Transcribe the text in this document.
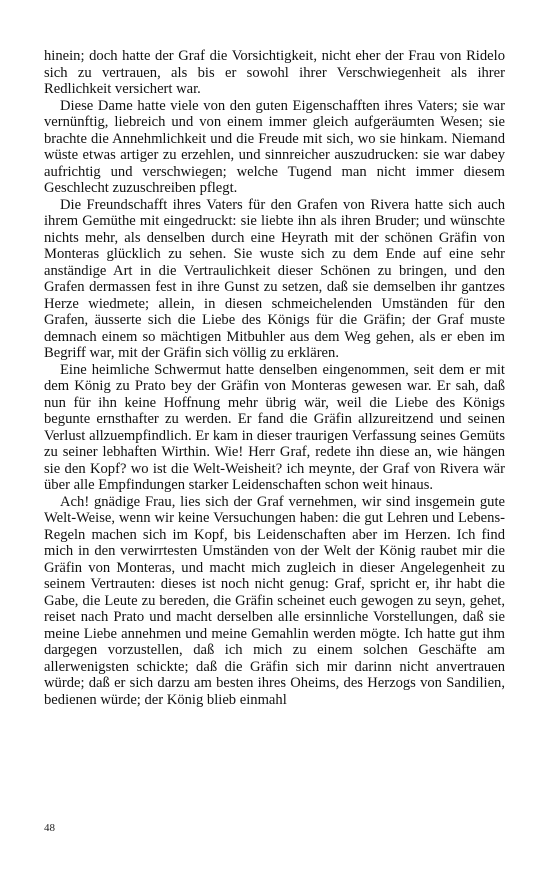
hinein; doch hatte der Graf die Vorsichtigkeit, nicht eher der Frau von Ridelo sich zu vertrauen, als bis er sowohl ihrer Verschwiegenheit als ihrer Redlichkeit versichert war.

Diese Dame hatte viele von den guten Eigenschafften ihres Vaters; sie war vernünftig, liebreich und von einem immer gleich aufgeräumten Wesen; sie brachte die Annehmlichkeit und die Freude mit sich, wo sie hinkam. Niemand wüste etwas artiger zu erzehlen, und sinnreicher auszudrucken: sie war dabey aufrichtig und verschwiegen; welche Tugend man nicht immer diesem Geschlecht zuzuschreiben pflegt.

Die Freundschafft ihres Vaters für den Grafen von Rivera hatte sich auch ihrem Gemüthe mit eingedruckt: sie liebte ihn als ihren Bruder; und wünschte nichts mehr, als denselben durch eine Heyrath mit der schönen Gräfin von Monteras glücklich zu sehen. Sie wuste sich zu dem Ende auf eine sehr anständige Art in die Vertraulichkeit dieser Schönen zu bringen, und den Grafen dermassen fest in ihre Gunst zu setzen, daß sie demselben ihr gantzes Herze wiedmete; allein, in diesen schmeichelenden Umständen für den Grafen, äusserte sich die Liebe des Königs für die Gräfin; der Graf muste demnach einem so mächtigen Mitbuhler aus dem Weg gehen, als er eben im Begriff war, mit der Gräfin sich völlig zu erklären.

Eine heimliche Schwermut hatte denselben eingenommen, seit dem er mit dem König zu Prato bey der Gräfin von Monteras gewesen war. Er sah, daß nun für ihn keine Hoffnung mehr übrig wär, weil die Liebe des Königs begunte ernsthafter zu werden. Er fand die Gräfin allzureitzend und seinen Verlust allzuempfindlich. Er kam in dieser traurigen Verfassung seines Gemüts zu seiner lebhaften Wirthin. Wie! Herr Graf, redete ihn diese an, wie hängen sie den Kopf? wo ist die Welt-Weisheit? ich meynte, der Graf von Rivera wär über alle Empfindungen starker Leidenschaften schon weit hinaus.

Ach! gnädige Frau, lies sich der Graf vernehmen, wir sind insgemein gute Welt-Weise, wenn wir keine Versuchungen haben: die gut Lehren und Lebens-Regeln machen sich im Kopf, bis Leidenschaften aber im Herzen. Ich find mich in den verwirrtesten Umständen von der Welt der König raubet mir die Gräfin von Monteras, und macht mich zugleich in dieser Angelegenheit zu seinem Vertrauten: dieses ist noch nicht genug: Graf, spricht er, ihr habt die Gabe, die Leute zu bereden, die Gräfin scheinet euch gewogen zu seyn, gehet, reiset nach Prato und macht derselben alle ersinnliche Vorstellungen, daß sie meine Liebe annehmen und meine Gemahlin werden mögte. Ich hatte gut ihm dargegen vorzustellen, daß ich mich zu einem solchen Geschäfte am allerwenigsten schickte; daß die Gräfin sich mir darinn nicht anvertrauen würde; daß er sich darzu am besten ihres Oheims, des Herzogs von Sandilien, bedienen würde; der König blieb einmahl

48
